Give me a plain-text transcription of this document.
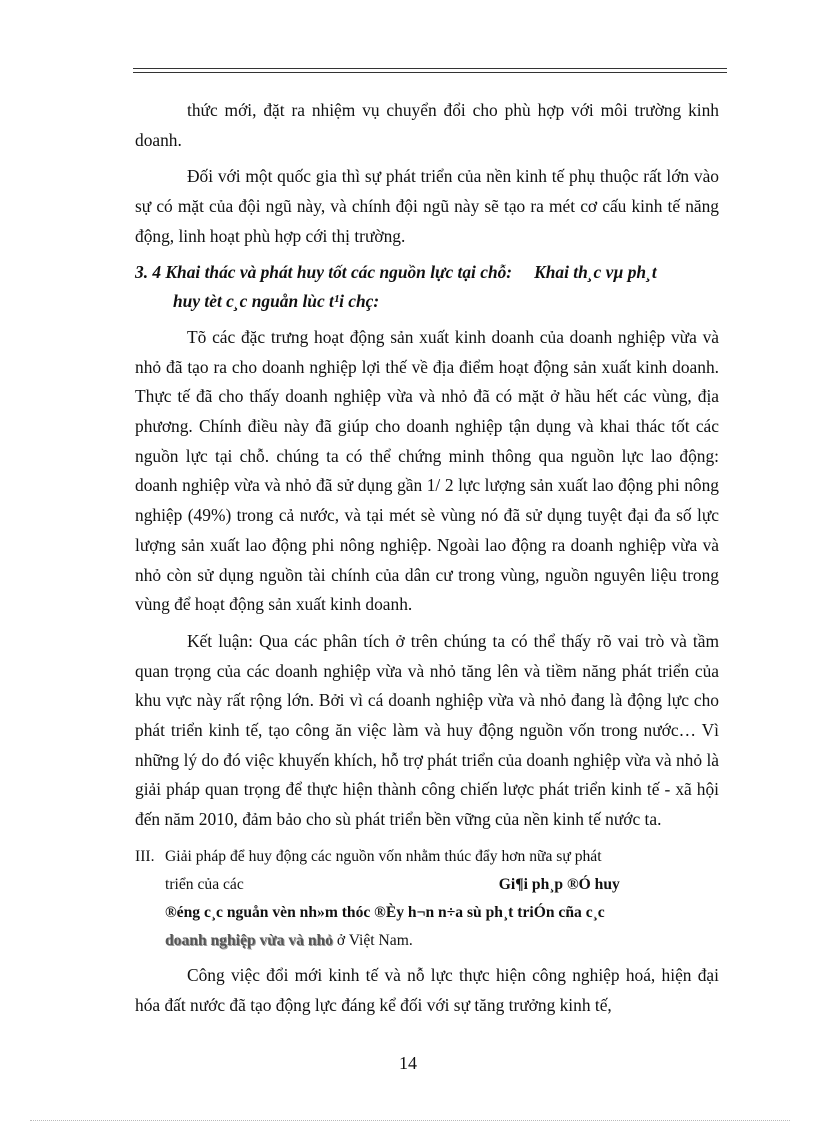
thức mới, đặt ra nhiệm vụ chuyển đổi cho phù hợp với môi trường kinh doanh.

Đối với một quốc gia thì sự phát triển của nền kinh tế phụ thuộc rất lớn vào sự có mặt của đội ngũ này, và chính đội ngũ này sẽ tạo ra mét cơ cấu kinh tế năng động, linh hoạt phù hợp cới thị trường.

3. 4 Khai thác và phát huy tốt các nguồn lực tại chỗ: Khai th¸c vµ ph¸t
huy tèt c¸c nguån lùc t¹i chç:

Tõ các đặc trưng hoạt động sản xuất kinh doanh của doanh nghiệp vừa và nhỏ đã tạo ra cho doanh nghiệp lợi thế về địa điểm hoạt động sản xuất kinh doanh. Thực tế đã cho thấy doanh nghiệp vừa và nhỏ đã có mặt ở hầu hết các vùng, địa phương. Chính điều này đã giúp cho doanh nghiệp tận dụng và khai thác tốt các nguồn lực tại chỗ. chúng ta có thể chứng minh thông qua nguồn lực lao động: doanh nghiệp vừa và nhỏ đã sử dụng gần 1/ 2 lực lượng sản xuất lao động phi nông nghiệp (49%) trong cả nước, và tại mét sè vùng nó đã sử dụng tuyệt đại đa số lực lượng sản xuất lao động phi nông nghiệp. Ngoài lao động ra doanh nghiệp vừa và nhỏ còn sử dụng nguồn tài chính của dân cư trong vùng, nguồn nguyên liệu trong vùng để hoạt động sản xuất kinh doanh.

Kết luận: Qua các phân tích ở trên chúng ta có thể thấy rõ vai trò và tầm quan trọng của các doanh nghiệp vừa và nhỏ tăng lên và tiềm năng phát triển của khu vực này rất rộng lớn. Bởi vì cá doanh nghiệp vừa và nhỏ đang là động lực cho phát triển kinh tế, tạo công ăn việc làm và huy động nguồn vốn trong nước… Vì những lý do đó việc khuyến khích, hỗ trợ phát triển của doanh nghiệp vừa và nhỏ là giải pháp quan trọng để thực hiện thành công chiến lược phát triển kinh tế - xã hội đến năm 2010, đảm bảo cho sù phát triển bền vững của nền kinh tế nước ta.

III. Giải pháp để huy động các nguồn vốn nhằm thúc đẩy hơn nữa sự phát
triển của các	Gi¶i ph¸p ®Ó huy
®éng c¸c nguån vèn nh»m thóc ®Èy h¬n n÷a sù ph¸t triÓn cña c¸c
doanh nghiệp vừa và nhỏ ở Việt Nam.

Công việc đổi mới kinh tế và nỗ lực thực hiện công nghiệp hoá, hiện đại hóa đất nước đã tạo động lực đáng kể đối với sự tăng trưởng kinh tế,

14
